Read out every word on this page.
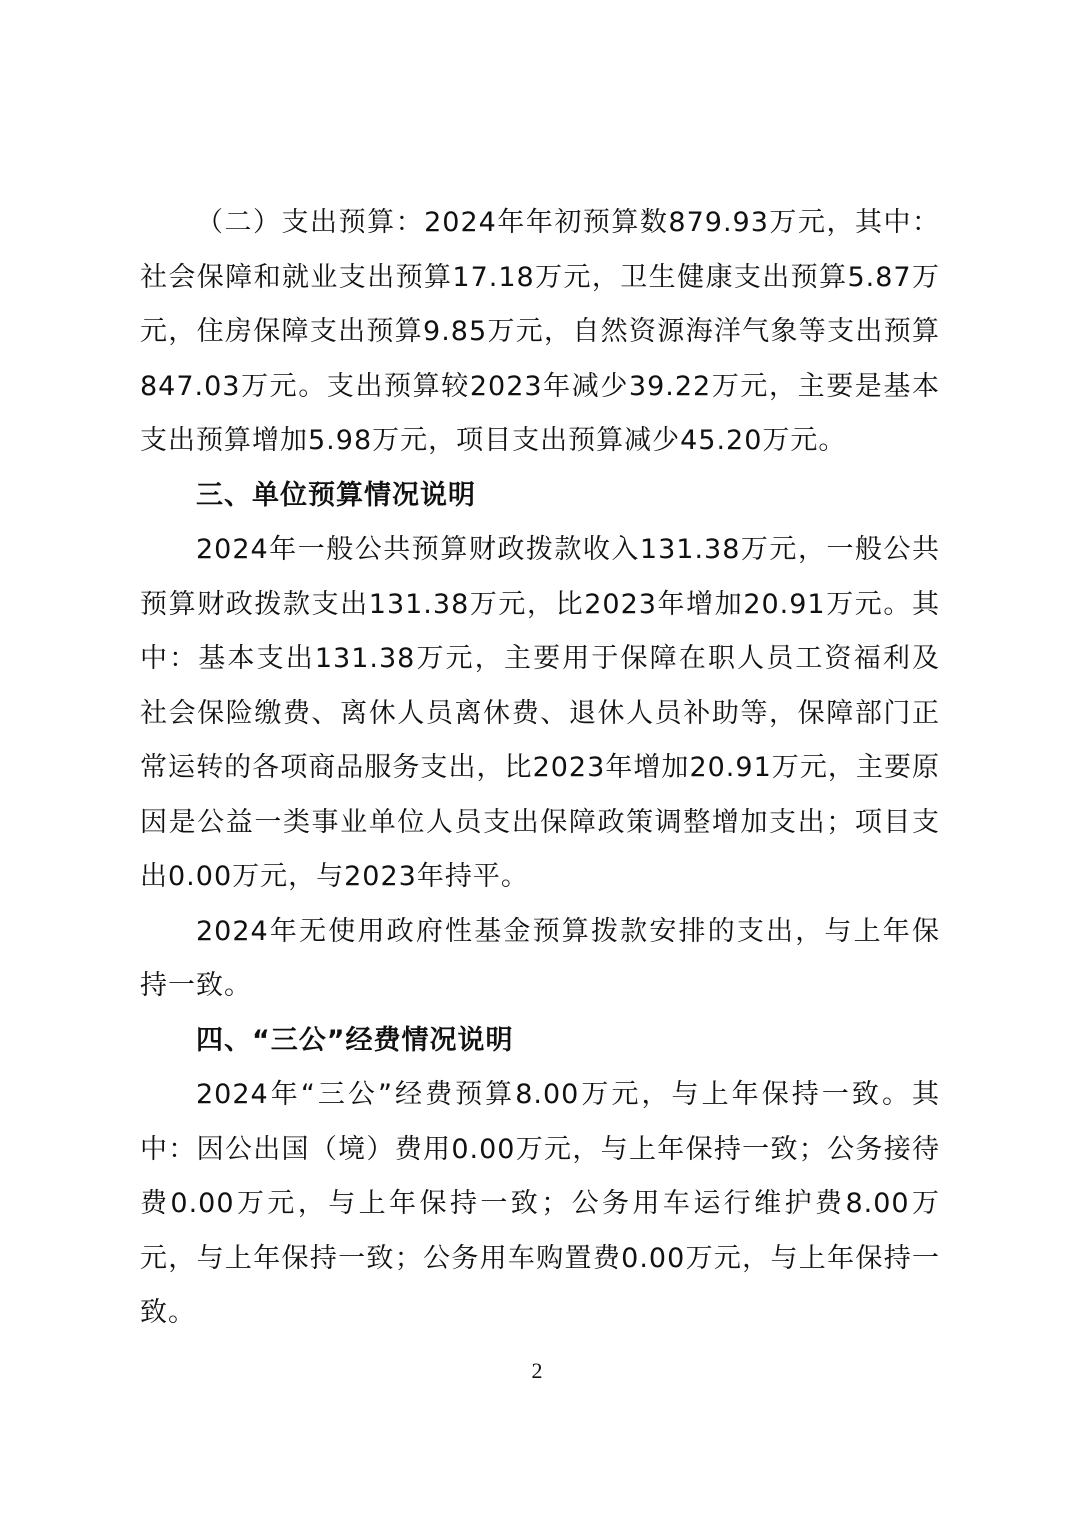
（二）支出预算：2024年年初预算数879.93万元，其中：社会保障和就业支出预算17.18万元，卫生健康支出预算5.87万元，住房保障支出预算9.85万元，自然资源海洋气象等支出预算847.03万元。支出预算较2023年减少39.22万元，主要是基本支出预算增加5.98万元，项目支出预算减少45.20万元。

三、单位预算情况说明

2024年一般公共预算财政拨款收入131.38万元，一般公共预算财政拨款支出131.38万元，比2023年增加20.91万元。其中：基本支出131.38万元，主要用于保障在职人员工资福利及社会保险缴费、离休人员离休费、退休人员补助等，保障部门正常运转的各项商品服务支出，比2023年增加20.91万元，主要原因是公益一类事业单位人员支出保障政策调整增加支出；项目支出0.00万元，与2023年持平。

2024年无使用政府性基金预算拨款安排的支出，与上年保持一致。

四、“三公”经费情况说明

2024年“三公”经费预算8.00万元，与上年保持一致。其中：因公出国（境）费用0.00万元，与上年保持一致；公务接待费0.00万元，与上年保持一致；公务用车运行维护费8.00万元，与上年保持一致；公务用车购置费0.00万元，与上年保持一致。

2
